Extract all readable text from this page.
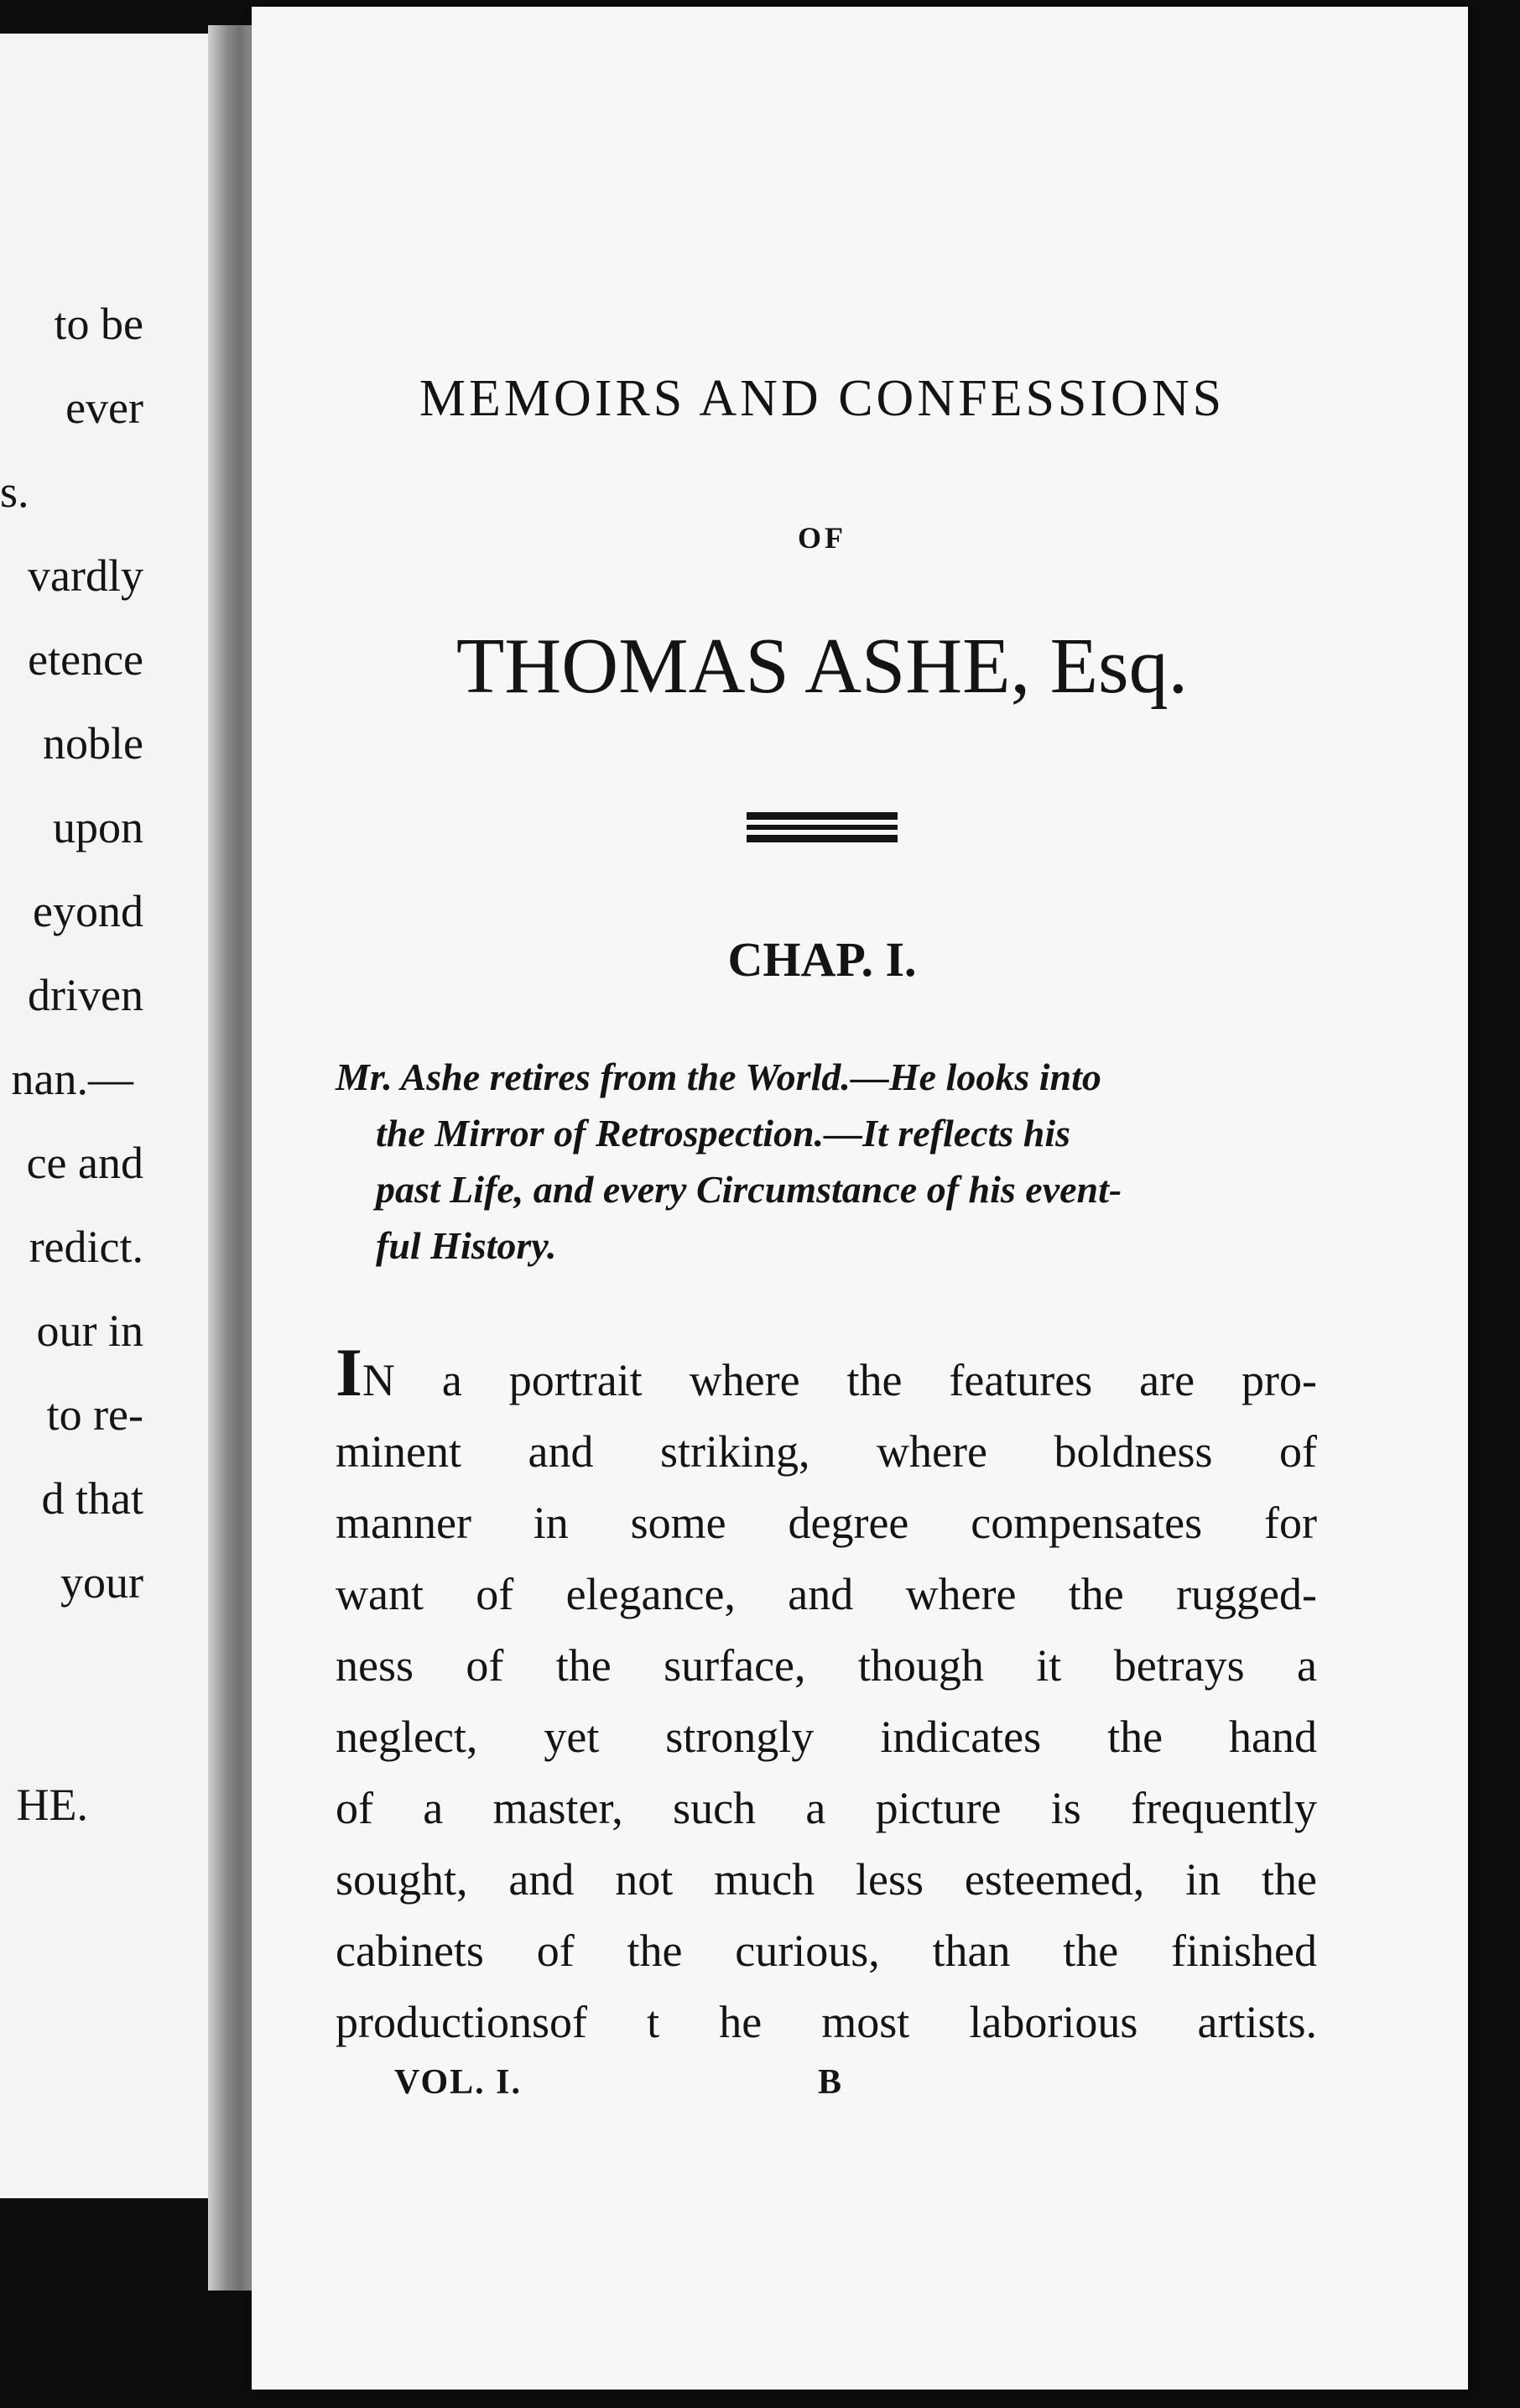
to be
ever
s.
vardly
etence
noble
upon
eyond
driven
nan.—
ce and
redict.
our in
to re-
d that
your
HE.
MEMOIRS AND CONFESSIONS
OF
THOMAS ASHE, Esq.
CHAP. I.
Mr. Ashe retires from the World.—He looks into

the Mirror of Retrospection.—It reflects his
past Life, and every Circumstance of his event-
ful History.
IN a portrait where the features are pro-
minent and striking, where boldness of
manner in some degree compensates for
want of elegance, and where the rugged-
ness of the surface, though it betrays a
neglect, yet strongly indicates the hand
of a master, such a picture is frequently
sought, and not much less esteemed, in the
cabinets of the curious, than the finished
productionsof t he most laborious artists.
VOL. I.	B
